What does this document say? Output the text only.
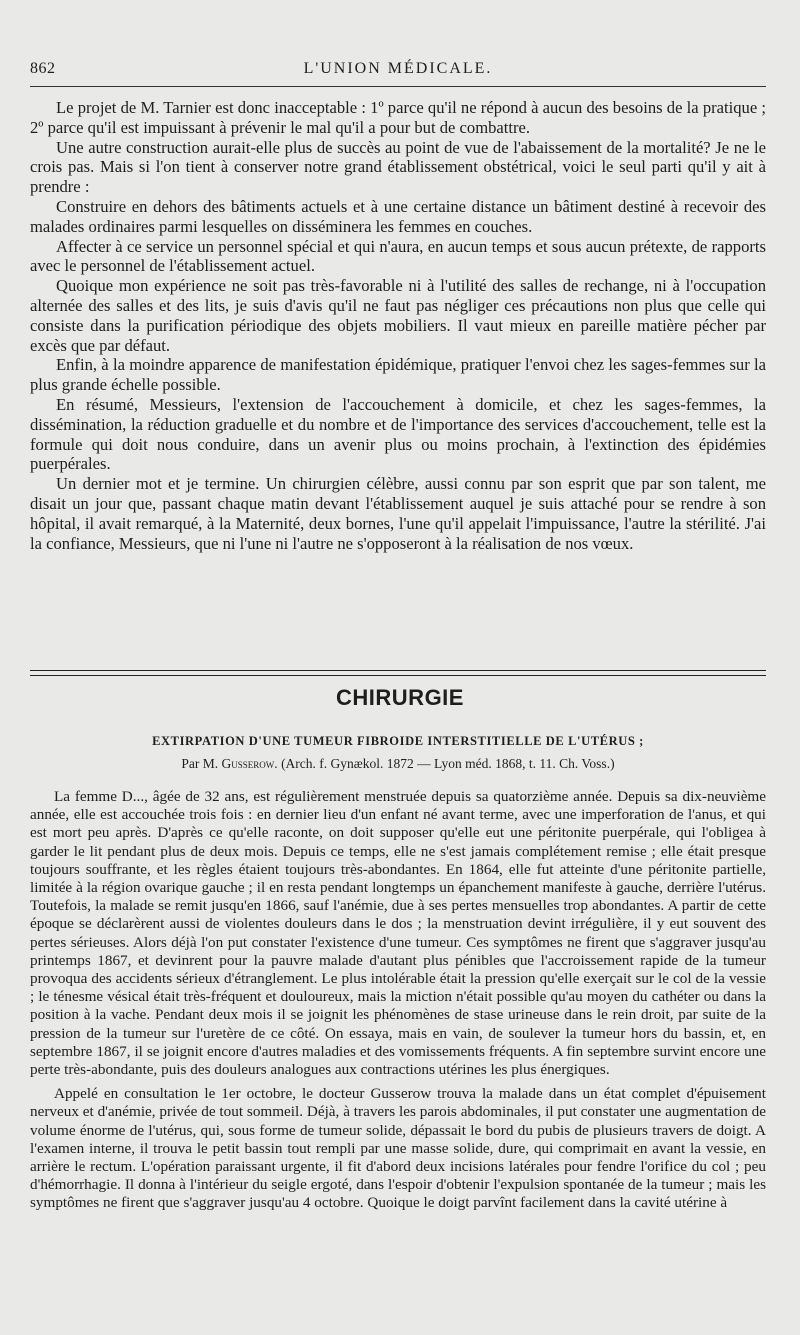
862	L'UNION MÉDICALE.

Le projet de M. Tarnier est donc inacceptable : 1º parce qu'il ne répond à aucun des besoins de la pratique ; 2º parce qu'il est impuissant à prévenir le mal qu'il a pour but de combattre.

Une autre construction aurait-elle plus de succès au point de vue de l'abaissement de la mortalité? Je ne le crois pas. Mais si l'on tient à conserver notre grand établissement obstétrical, voici le seul parti qu'il y ait à prendre :

Construire en dehors des bâtiments actuels et à une certaine distance un bâtiment destiné à recevoir des malades ordinaires parmi lesquelles on disséminera les femmes en couches.

Affecter à ce service un personnel spécial et qui n'aura, en aucun temps et sous aucun prétexte, de rapports avec le personnel de l'établissement actuel.

Quoique mon expérience ne soit pas très-favorable ni à l'utilité des salles de rechange, ni à l'occupation alternée des salles et des lits, je suis d'avis qu'il ne faut pas négliger ces précautions non plus que celle qui consiste dans la purification périodique des objets mobiliers. Il vaut mieux en pareille matière pécher par excès que par défaut.

Enfin, à la moindre apparence de manifestation épidémique, pratiquer l'envoi chez les sages-femmes sur la plus grande échelle possible.

En résumé, Messieurs, l'extension de l'accouchement à domicile, et chez les sages-femmes, la dissémination, la réduction graduelle et du nombre et de l'importance des services d'accouchement, telle est la formule qui doit nous conduire, dans un avenir plus ou moins prochain, à l'extinction des épidémies puerpérales.

Un dernier mot et je termine. Un chirurgien célèbre, aussi connu par son esprit que par son talent, me disait un jour que, passant chaque matin devant l'établissement auquel je suis attaché pour se rendre à son hôpital, il avait remarqué, à la Maternité, deux bornes, l'une qu'il appelait l'impuissance, l'autre la stérilité. J'ai la confiance, Messieurs, que ni l'une ni l'autre ne s'opposeront à la réalisation de nos vœux.

CHIRURGIE
EXTIRPATION D'UNE TUMEUR FIBROIDE INTERSTITIELLE DE L'UTÉRUS ;
Par M. Gusserow. (Arch. f. Gynækol. 1872 — Lyon méd. 1868, t. 11. Ch. Voss.)

La femme D..., âgée de 32 ans, est régulièrement menstruée depuis sa quatorzième année. Depuis sa dix-neuvième année, elle est accouchée trois fois : en dernier lieu d'un enfant né avant terme, avec une imperforation de l'anus, et qui est mort peu après. D'après ce qu'elle raconte, on doit supposer qu'elle eut une péritonite puerpérale, qui l'obligea à garder le lit pendant plus de deux mois. Depuis ce temps, elle ne s'est jamais complétement remise ; elle était presque toujours souffrante, et les règles étaient toujours très-abondantes. En 1864, elle fut atteinte d'une péritonite partielle, limitée à la région ovarique gauche ; il en resta pendant longtemps un épanchement manifeste à gauche, derrière l'utérus. Toutefois, la malade se remit jusqu'en 1866, sauf l'anémie, due à ses pertes mensuelles trop abondantes. A partir de cette époque se déclarèrent aussi de violentes douleurs dans le dos ; la menstruation devint irrégulière, il y eut souvent des pertes sérieuses. Alors déjà l'on put constater l'existence d'une tumeur. Ces symptômes ne firent que s'aggraver jusqu'au printemps 1867, et devinrent pour la pauvre malade d'autant plus pénibles que l'accroissement rapide de la tumeur provoqua des accidents sérieux d'étranglement. Le plus intolérable était la pression qu'elle exerçait sur le col de la vessie ; le ténesme vésical était très-fréquent et douloureux, mais la miction n'était possible qu'au moyen du cathéter ou dans la position à la vache. Pendant deux mois il se joignit les phénomènes de stase urineuse dans le rein droit, par suite de la pression de la tumeur sur l'uretère de ce côté. On essaya, mais en vain, de soulever la tumeur hors du bassin, et, en septembre 1867, il se joignit encore d'autres maladies et des vomissements fréquents. A fin septembre survint encore une perte très-abondante, puis des douleurs analogues aux contractions utérines les plus énergiques.

Appelé en consultation le 1er octobre, le docteur Gusserow trouva la malade dans un état complet d'épuisement nerveux et d'anémie, privée de tout sommeil. Déjà, à travers les parois abdominales, il put constater une augmentation de volume énorme de l'utérus, qui, sous forme de tumeur solide, dépassait le bord du pubis de plusieurs travers de doigt. A l'examen interne, il trouva le petit bassin tout rempli par une masse solide, dure, qui comprimait en avant la vessie, en arrière le rectum. L'opération paraissant urgente, il fit d'abord deux incisions latérales pour fendre l'orifice du col ; peu d'hémorrhagie. Il donna à l'intérieur du seigle ergoté, dans l'espoir d'obtenir l'expulsion spontanée de la tumeur ; mais les symptômes ne firent que s'aggraver jusqu'au 4 octobre. Quoique le doigt parvînt facilement dans la cavité utérine à
